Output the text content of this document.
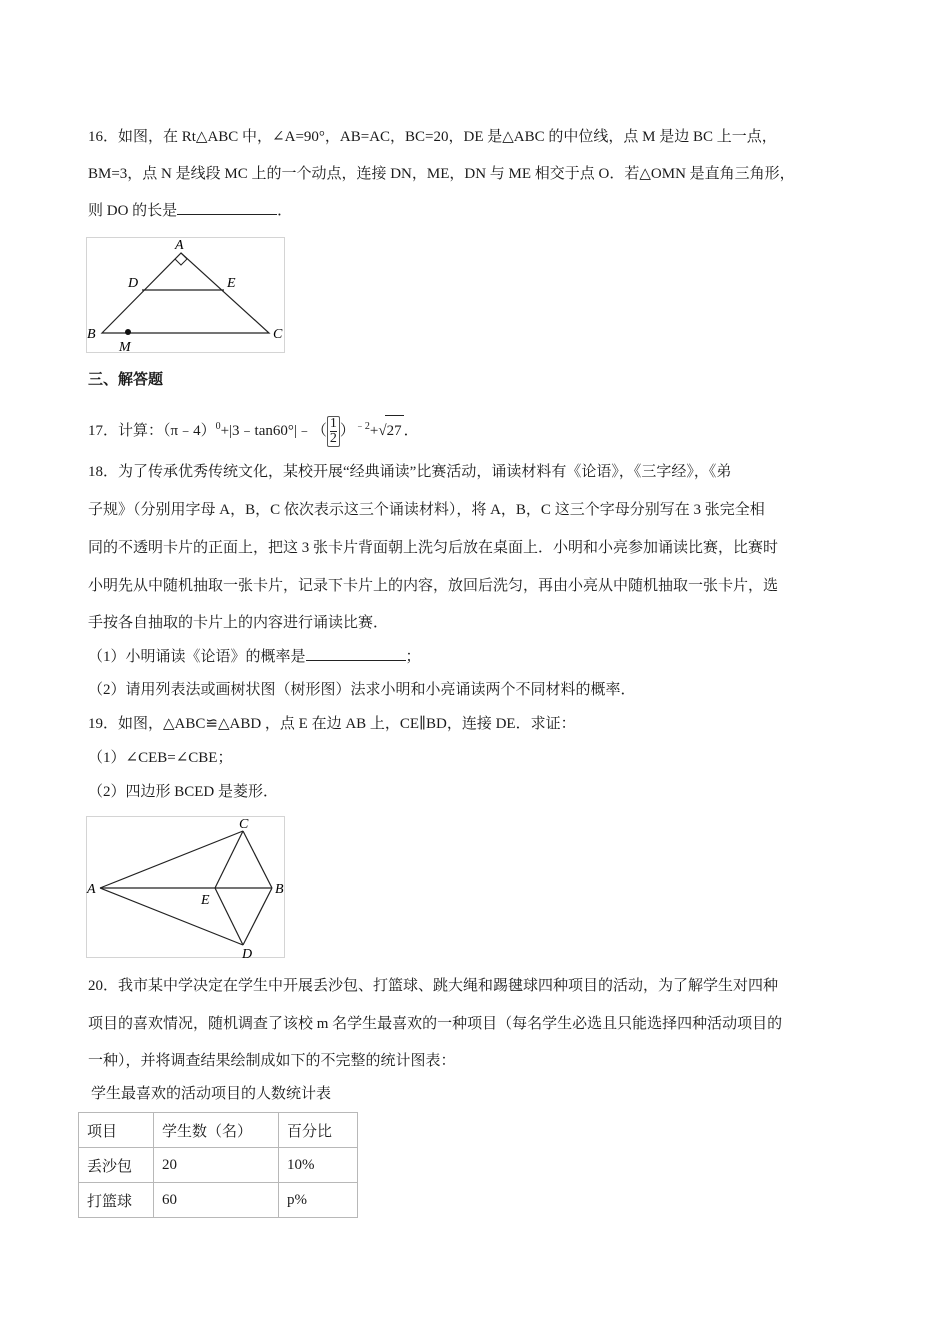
16．如图，在 Rt△ABC 中，∠A=90°，AB=AC，BC=20，DE 是△ABC 的中位线，点 M 是边 BC 上一点，
BM=3，点 N 是线段 MC 上的一个动点，连接 DN，ME，DN 与 ME 相交于点 O．若△OMN 是直角三角形，
则 DO 的长是	．
A
D	E
B
M
C
三、解答题
17．计算：（π﹣4）$^0$+|3﹣tan60°|﹣（ $\frac{1}{2} )^{﹣2}+√27$ ．
18．为了传承优秀传统文化，某校开展“经典诵读”比赛活动，诵读材料有《论语》，《三字经》，《弟
子规》（分别用字母 A，B，C 依次表示这三个诵读材料），将 A，B，C 这三个字母分别写在 3 张完全相
同的不透明卡片的正面上，把这 3 张卡片背面朝上洗匀后放在桌面上．小明和小亮参加诵读比赛，比赛时
小明先从中随机抽取一张卡片，记录下卡片上的内容，放回后洗匀，再由小亮从中随机抽取一张卡片，选
手按各自抽取的卡片上的内容进行诵读比赛．
（1）小明诵读《论语》的概率是	；
（2）请用列表法或画树状图（树形图）法求小明和小亮诵读两个不同材料的概率．
19．如图，△ABC≌△ABD ，点 E 在边 AB 上，CE∥BD，连接 DE．求证：
（1）∠CEB=∠CBE；
（2）四边形 BCED 是菱形．
A
C
B
D
E
20．我市某中学决定在学生中开展丢沙包、打篮球、跳大绳和踢毽球四种项目的活动，为了解学生对四种
项目的喜欢情况，随机调查了该校 m 名学生最喜欢的一种项目（每名学生必选且只能选择四种活动项目的
一种），并将调查结果绘制成如下的不完整的统计图表：
学生最喜欢的活动项目的人数统计表
项目	学生数（名）	百分比
丢沙包	20	10%
打篮球	60	p%
